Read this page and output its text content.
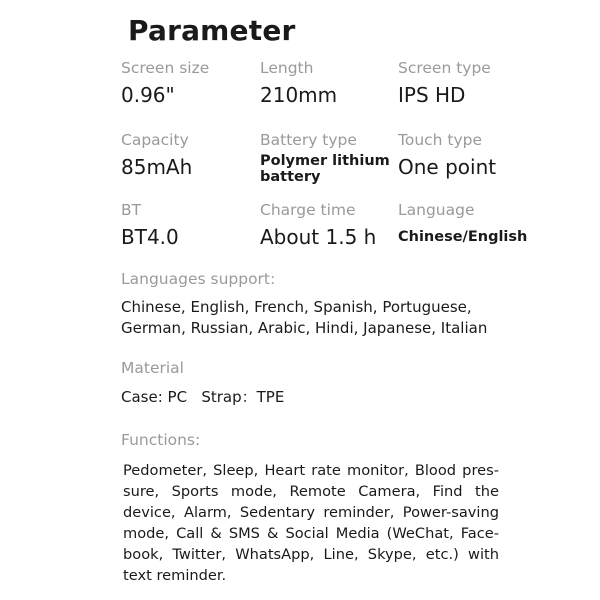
Parameter
Screen size
0.96"
Length
210mm
Screen type
IPS HD
Capacity
85mAh
Battery type
Polymer lithium battery
Touch type
One point
BT
BT4.0
Charge time
About 1.5 h
Language
Chinese/English
Languages support:
Chinese, English, French, Spanish, Portuguese,
German, Russian, Arabic, Hindi, Japanese, Italian
Material
Case: PC   Strap：TPE
Functions:
Pedometer, Sleep, Heart rate monitor, Blood pressure, Sports mode, Remote Camera, Find the device, Alarm, Sedentary reminder, Power-saving mode, Call & SMS & Social Media (WeChat, Facebook, Twitter, WhatsApp, Line, Skype, etc.) with text reminder.
